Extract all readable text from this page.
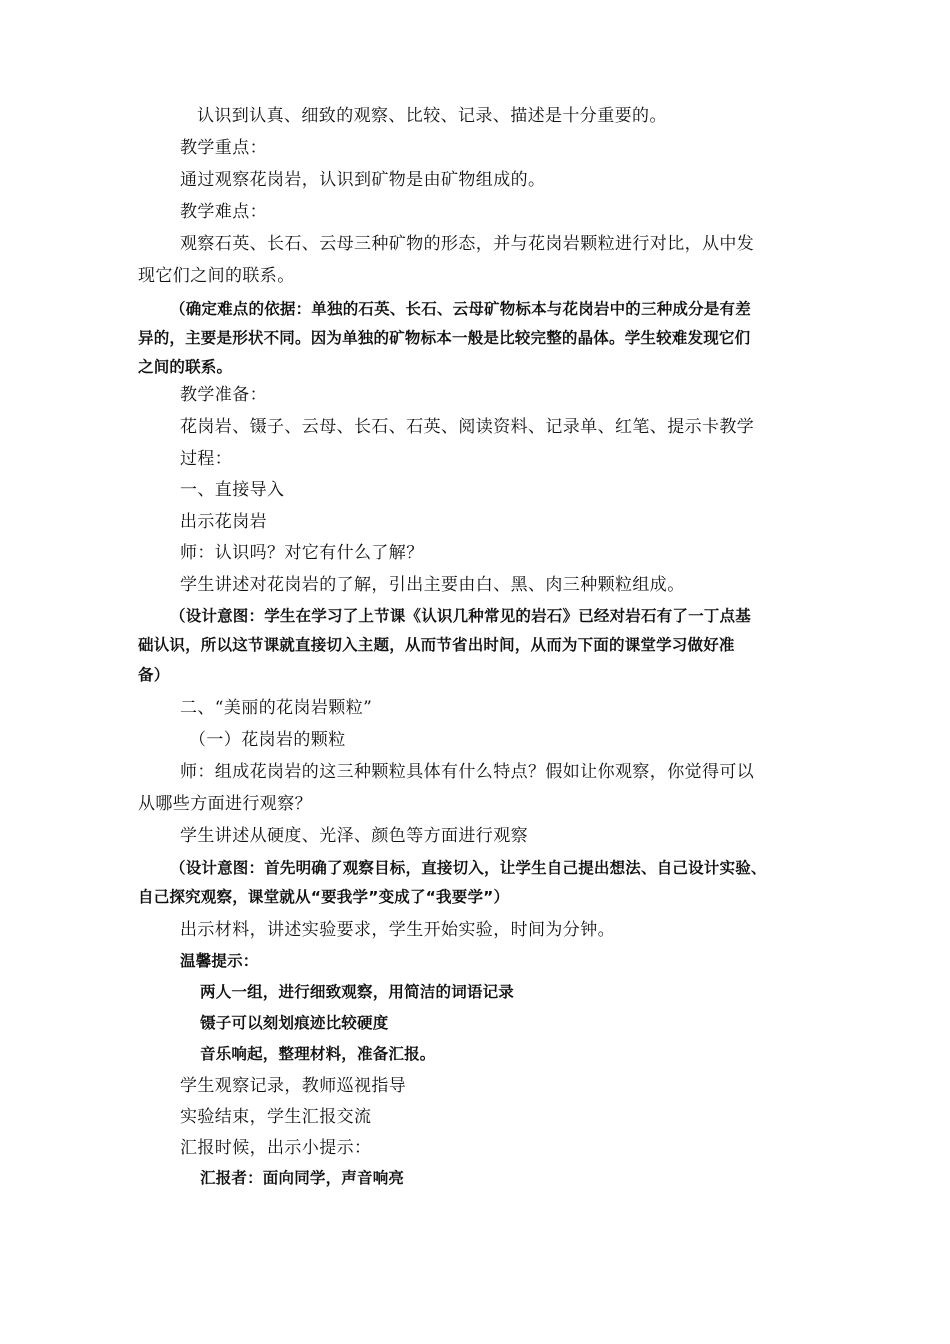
认识到认真、细致的观察、比较、记录、描述是十分重要的。
教学重点：
通过观察花岗岩，认识到矿物是由矿物组成的。
教学难点：
观察石英、长石、云母三种矿物的形态，并与花岗岩颗粒进行对比，从中发
现它们之间的联系。
（确定难点的依据：单独的石英、长石、云母矿物标本与花岗岩中的三种成分是有差
异的，主要是形状不同。因为单独的矿物标本一般是比较完整的晶体。学生较难发现它们
之间的联系。
教学准备：
花岗岩、镊子、云母、长石、石英、阅读资料、记录单、红笔、提示卡教学
过程：
一、直接导入
出示花岗岩
师：认识吗？对它有什么了解？
学生讲述对花岗岩的了解，引出主要由白、黑、肉三种颗粒组成。
（设计意图：学生在学习了上节课《认识几种常见的岩石》已经对岩石有了一丁点基
础认识，所以这节课就直接切入主题，从而节省出时间，从而为下面的课堂学习做好准
备）
二、“美丽的花岗岩颗粒”
（一）花岗岩的颗粒
师：组成花岗岩的这三种颗粒具体有什么特点？假如让你观察，你觉得可以
从哪些方面进行观察？
学生讲述从硬度、光泽、颜色等方面进行观察
（设计意图：首先明确了观察目标，直接切入，让学生自己提出想法、自己设计实验、
自己探究观察，课堂就从“要我学”变成了“我要学”）
出示材料，讲述实验要求，学生开始实验，时间为分钟。
温馨提示：
两人一组，进行细致观察，用简洁的词语记录
镊子可以刻划痕迹比较硬度
音乐响起，整理材料，准备汇报。
学生观察记录，教师巡视指导
实验结束，学生汇报交流
汇报时候，出示小提示：
汇报者：面向同学，声音响亮
